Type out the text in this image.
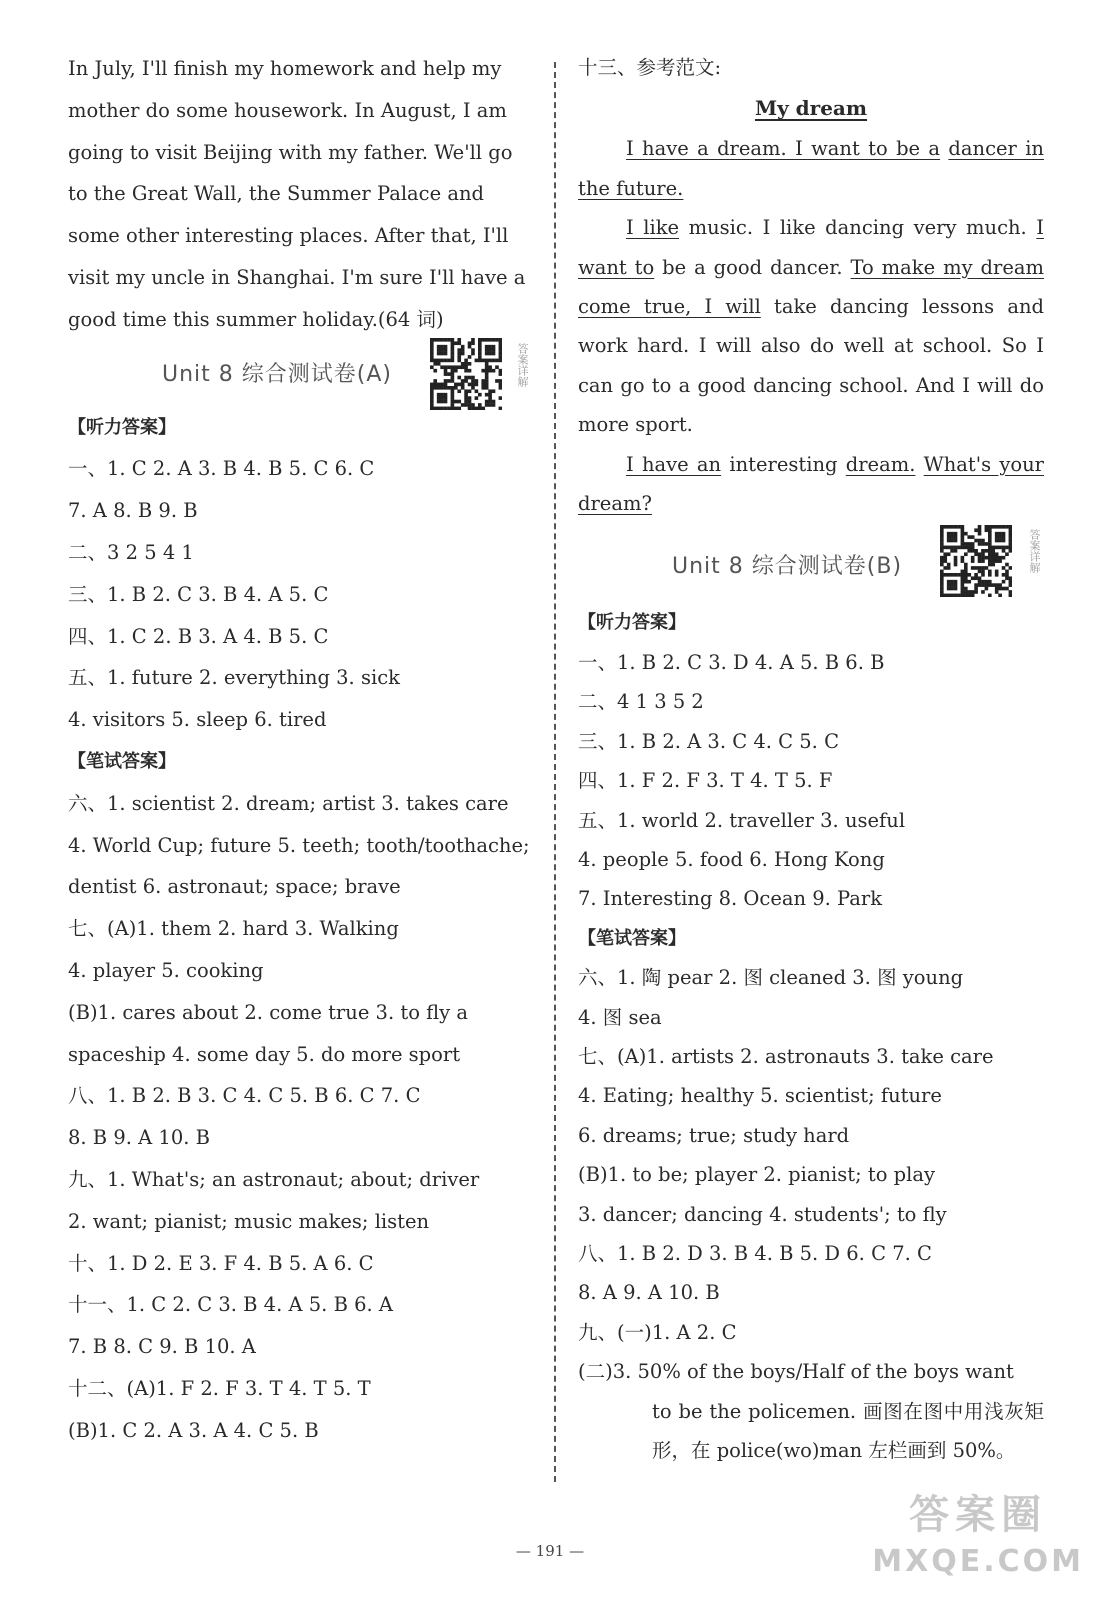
In July, I'll finish my homework and help my
mother do some housework. In August, I am
going to visit Beijing with my father. We'll go
to the Great Wall, the Summer Palace and
some other interesting places. After that, I'll
visit my uncle in Shanghai. I'm sure I'll have a
good time this summer holiday.(64 词)
Unit 8 综合测试卷(A)	答案详解
【听力答案】
一、1. C 2. A 3. B 4. B 5. C 6. C
7. A 8. B 9. B
二、3 2 5 4 1
三、1. B 2. C 3. B 4. A 5. C
四、1. C 2. B 3. A 4. B 5. C
五、1. future 2. everything 3. sick
4. visitors 5. sleep 6. tired
【笔试答案】
六、1. scientist 2. dream; artist 3. takes care
4. World Cup; future 5. teeth; tooth/toothache;
dentist 6. astronaut; space; brave
七、(A)1. them 2. hard 3. Walking
4. player 5. cooking
(B)1. cares about 2. come true 3. to fly a
spaceship 4. some day 5. do more sport
八、1. B 2. B 3. C 4. C 5. B 6. C 7. C
8. B 9. A 10. B
九、1. What's; an astronaut; about; driver
2. want; pianist; music makes; listen
十、1. D 2. E 3. F 4. B 5. A 6. C
十一、1. C 2. C 3. B 4. A 5. B 6. A
7. B 8. C 9. B 10. A
十二、(A)1. F 2. F 3. T 4. T 5. T
(B)1. C 2. A 3. A 4. C 5. B
十三、参考范文:
My dream
I have a dream. I want to be a dancer in the future.
I like music. I like dancing very much. I want to be a good dancer. To make my dream come true, I will take dancing lessons and work hard. I will also do well at school. So I can go to a good dancing school. And I will do more sport.
I have an interesting dream. What's your dream?
Unit 8 综合测试卷(B)	答案详解
【听力答案】
一、1. B 2. C 3. D 4. A 5. B 6. B
二、4 1 3 5 2
三、1. B 2. A 3. C 4. C 5. C
四、1. F 2. F 3. T 4. T 5. F
五、1. world 2. traveller 3. useful
4. people 5. food 6. Hong Kong
7. Interesting 8. Ocean 9. Park
【笔试答案】
六、1. 陶 pear 2. 图 cleaned 3. 图 young
4. 图 sea
七、(A)1. artists 2. astronauts 3. take care
4. Eating; healthy 5. scientist; future
6. dreams; true; study hard
(B)1. to be; player 2. pianist; to play
3. dancer; dancing 4. students'; to fly
八、1. B 2. D 3. B 4. B 5. D 6. C 7. C
8. A 9. A 10. B
九、(一)1. A 2. C
(二)3. 50% of the boys/Half of the boys want
to be the policemen. 画图在图中用浅灰矩形，在 police(wo)man 左栏画到 50%。
— 191 —
答案圈
MXQE.COM
